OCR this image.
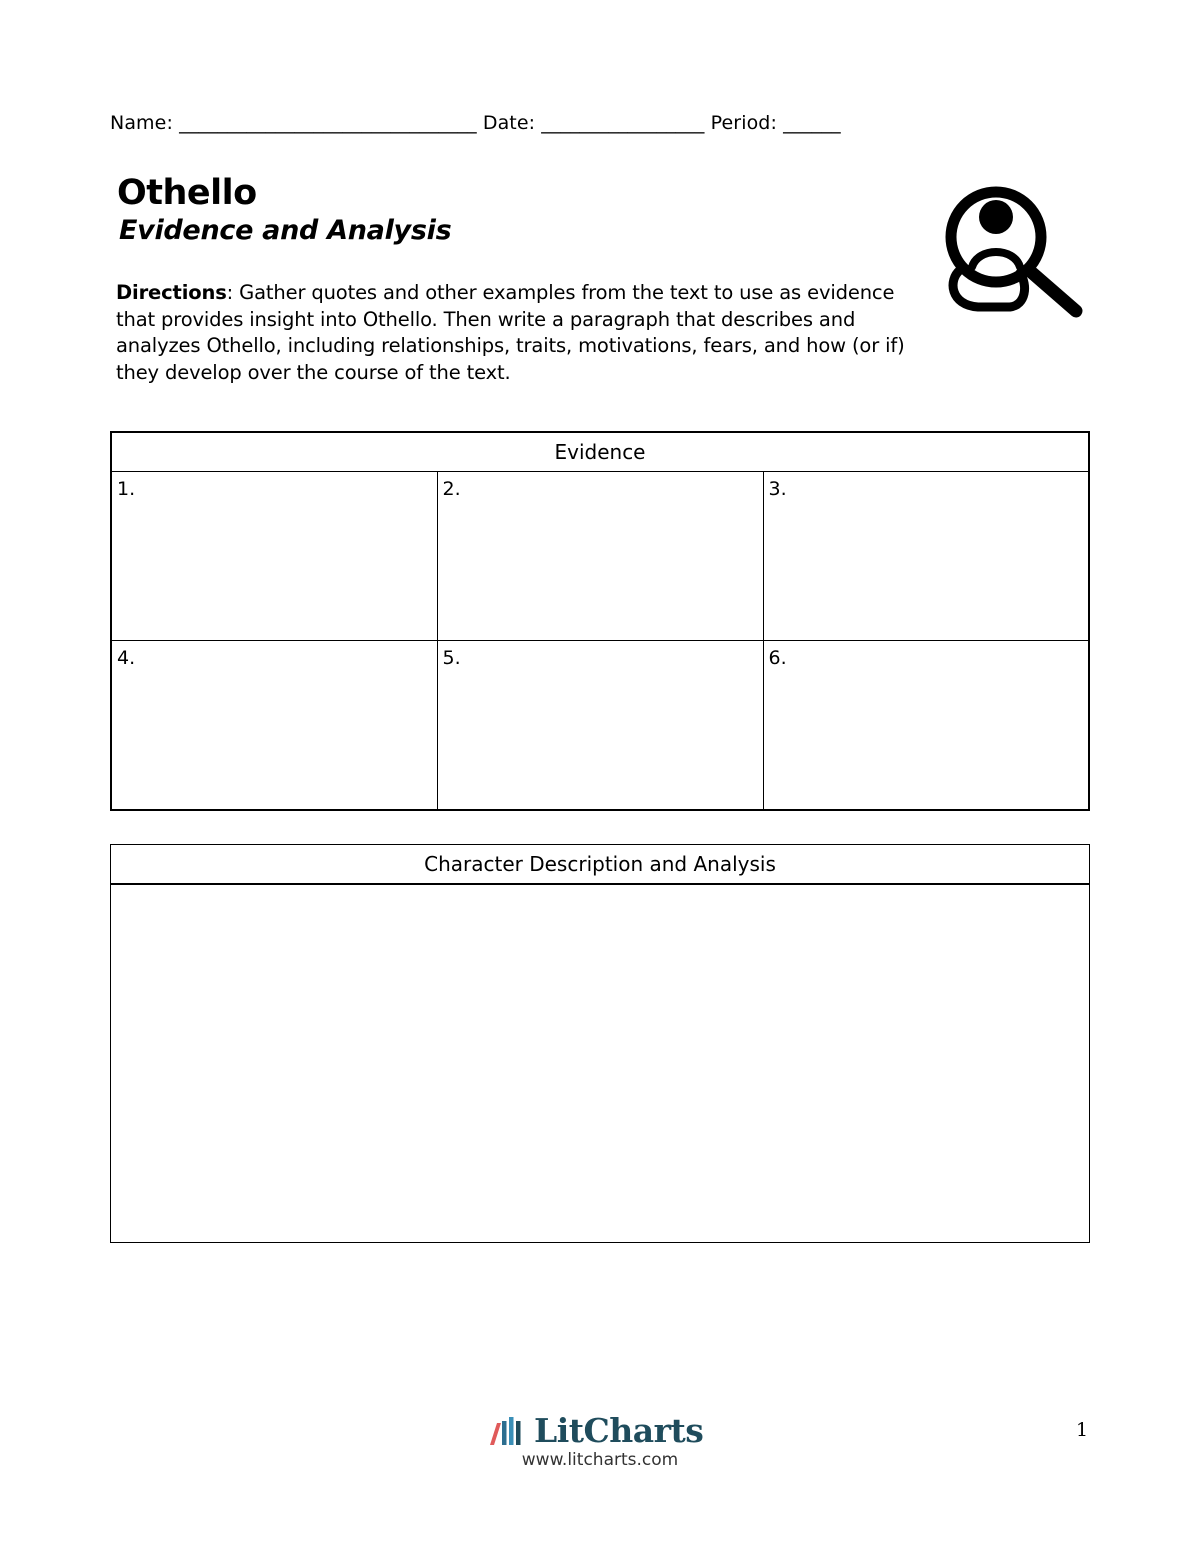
Name: _______________________________ Date: _________________ Period: ______
Othello
Evidence and Analysis
Directions: Gather quotes and other examples from the text to use as evidence that provides insight into Othello. Then write a paragraph that describes and analyzes Othello, including relationships, traits, motivations, fears, and how (or if) they develop over the course of the text.
Evidence		
1.	2.	3.
4.	5.	6.
Character Description and Analysis

LitCharts
www.litcharts.com
1
